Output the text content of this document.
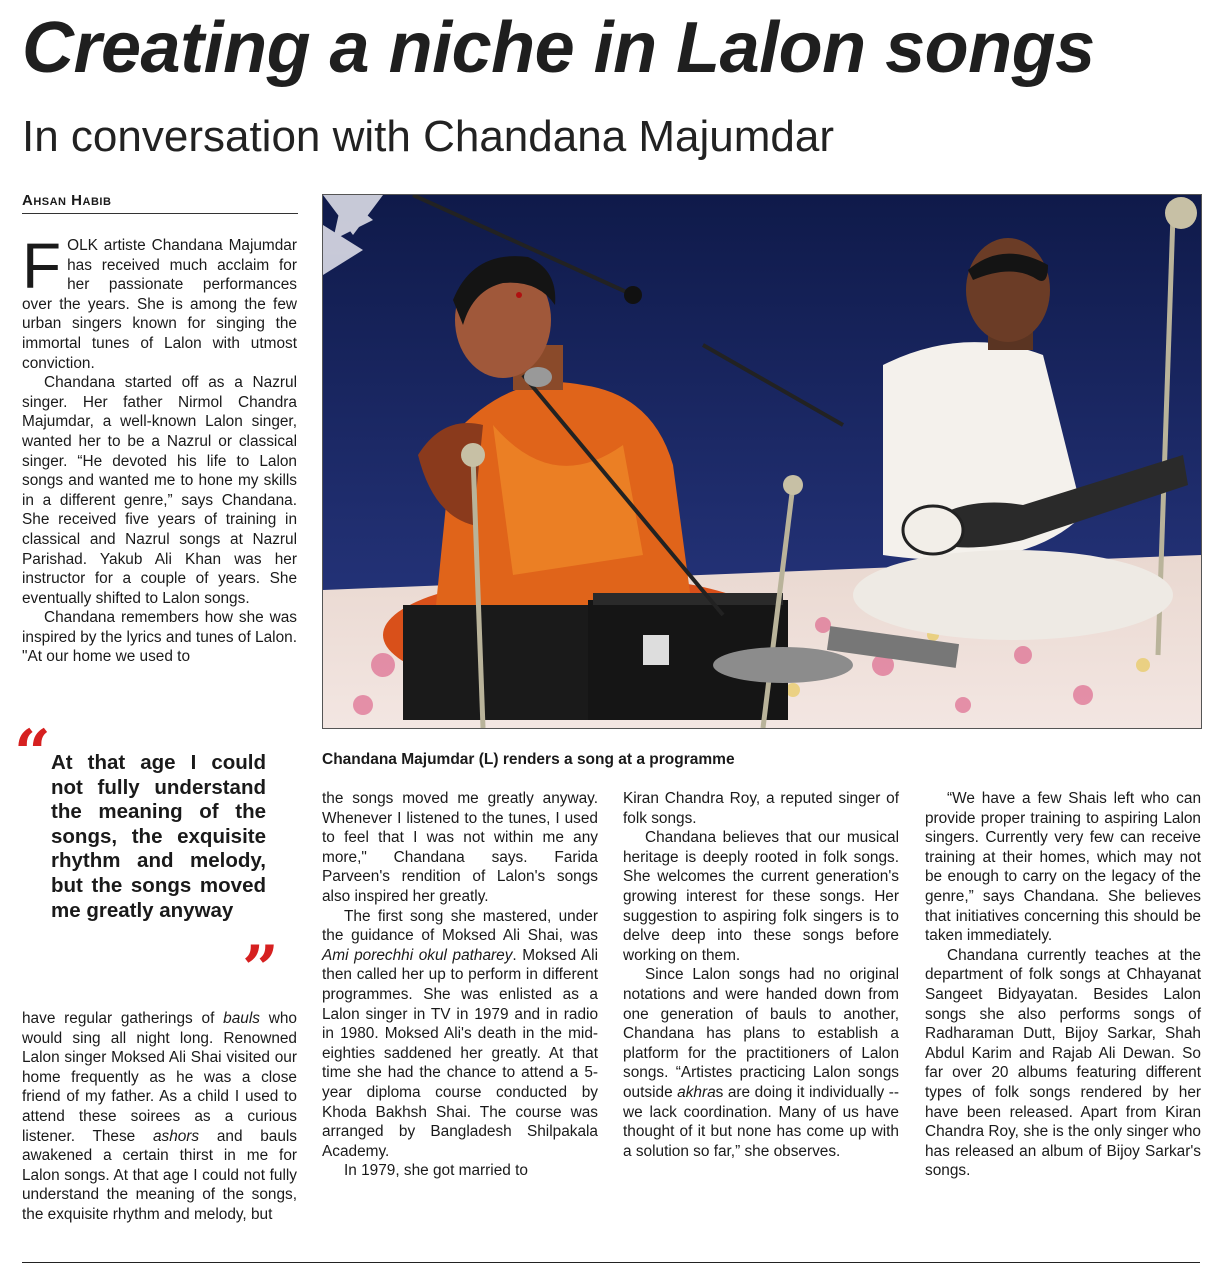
Creating a niche in Lalon songs
In conversation with Chandana Majumdar
Ahsan Habib

FOLK artiste Chandana Majumdar has received much acclaim for her passionate performances over the years. She is among the few urban singers known for singing the immortal tunes of Lalon with utmost conviction.

Chandana started off as a Nazrul singer. Her father Nirmol Chandra Majumdar, a well-known Lalon singer, wanted her to be a Nazrul or classical singer. “He devoted his life to Lalon songs and wanted me to hone my skills in a different genre,” says Chandana. She received five years of training in classical and Nazrul songs at Nazrul Parishad. Yakub Ali Khan was her instructor for a couple of years. She eventually shifted to Lalon songs.

Chandana remembers how she was inspired by the lyrics and tunes of Lalon. "At our home we used to

“ At that age I could not fully understand the meaning of the songs, the exquisite rhythm and melody, but the songs moved me greatly anyway
”

have regular gatherings of bauls who would sing all night long. Renowned Lalon singer Moksed Ali Shai visited our home frequently as he was a close friend of my father. As a child I used to attend these soirees as a curious listener. These ashors and bauls awakened a certain thirst in me for Lalon songs. At that age I could not fully understand the meaning of the songs, the exquisite rhythm and melody, but

Chandana Majumdar (L) renders a song at a programme

the songs moved me greatly anyway. Whenever I listened to the tunes, I used to feel that I was not within me any more," Chandana says. Farida Parveen's rendition of Lalon's songs also inspired her greatly.

The first song she mastered, under the guidance of Moksed Ali Shai, was Ami porechhi okul patharey. Moksed Ali then called her up to perform in different programmes. She was enlisted as a Lalon singer in TV in 1979 and in radio in 1980. Moksed Ali's death in the mid-eighties saddened her greatly. At that time she had the chance to attend a 5-year diploma course conducted by Khoda Bakhsh Shai. The course was arranged by Bangladesh Shilpakala Academy.

In 1979, she got married to

Kiran Chandra Roy, a reputed singer of folk songs.

Chandana believes that our musical heritage is deeply rooted in folk songs. She welcomes the current generation's growing interest for these songs. Her suggestion to aspiring folk singers is to delve deep into these songs before working on them.

Since Lalon songs had no original notations and were handed down from one generation of bauls to another, Chandana has plans to establish a platform for the practitioners of Lalon songs. “Artistes practicing Lalon songs outside akhras are doing it individually -- we lack coordination. Many of us have thought of it but none has come up with a solution so far,” she observes.

“We have a few Shais left who can provide proper training to aspiring Lalon singers. Currently very few can receive training at their homes, which may not be enough to carry on the legacy of the genre,” says Chandana. She believes that initiatives concerning this should be taken immediately.

Chandana currently teaches at the department of folk songs at Chhayanat Sangeet Bidyayatan. Besides Lalon songs she also performs songs of Radharaman Dutt, Bijoy Sarkar, Shah Abdul Karim and Rajab Ali Dewan. So far over 20 albums featuring different types of folk songs rendered by her have been released. Apart from Kiran Chandra Roy, she is the only singer who has released an album of Bijoy Sarkar's songs.
